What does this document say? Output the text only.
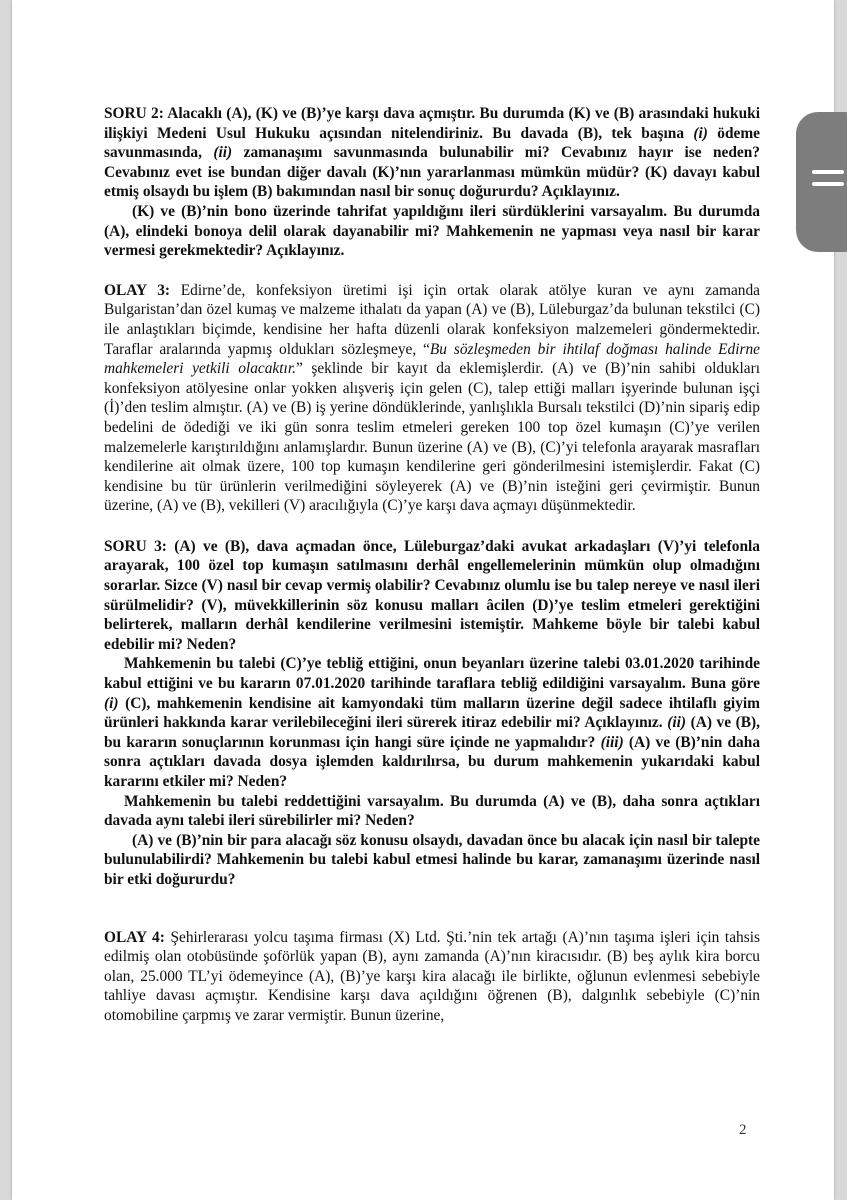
SORU 2: Alacaklı (A), (K) ve (B)’ye karşı dava açmıştır. Bu durumda (K) ve (B) arasındaki hukuki ilişkiyi Medeni Usul Hukuku açısından nitelendiriniz. Bu davada (B), tek başına (i) ödeme savunmasında, (ii) zamanaşımı savunmasında bulunabilir mi? Cevabınız hayır ise neden? Cevabınız evet ise bundan diğer davalı (K)’nın yararlanması mümkün müdür? (K) davayı kabul etmiş olsaydı bu işlem (B) bakımından nasıl bir sonuç doğururdu? Açıklayınız.

(K) ve (B)’nin bono üzerinde tahrifat yapıldığını ileri sürdüklerini varsayalım. Bu durumda (A), elindeki bonoya delil olarak dayanabilir mi? Mahkemenin ne yapması veya nasıl bir karar vermesi gerekmektedir? Açıklayınız.

OLAY 3: Edirne’de, konfeksiyon üretimi işi için ortak olarak atölye kuran ve aynı zamanda Bulgaristan’dan özel kumaş ve malzeme ithalatı da yapan (A) ve (B), Lüleburgaz’da bulunan tekstilci (C) ile anlaştıkları biçimde, kendisine her hafta düzenli olarak konfeksiyon malzemeleri göndermektedir. Taraflar aralarında yapmış oldukları sözleşmeye, “Bu sözleşmeden bir ihtilaf doğması halinde Edirne mahkemeleri yetkili olacaktır.” şeklinde bir kayıt da eklemişlerdir. (A) ve (B)’nin sahibi oldukları konfeksiyon atölyesine onlar yokken alışveriş için gelen (C), talep ettiği malları işyerinde bulunan işçi (İ)’den teslim almıştır. (A) ve (B) iş yerine döndüklerinde, yanlışlıkla Bursalı tekstilci (D)’nin sipariş edip bedelini de ödediği ve iki gün sonra teslim etmeleri gereken 100 top özel kumaşın (C)’ye verilen malzemelerle karıştırıldığını anlamışlardır. Bunun üzerine (A) ve (B), (C)’yi telefonla arayarak masrafları kendilerine ait olmak üzere, 100 top kumaşın kendilerine geri gönderilmesini istemişlerdir. Fakat (C) kendisine bu tür ürünlerin verilmediğini söyleyerek (A) ve (B)’nin isteğini geri çevirmiştir. Bunun üzerine, (A) ve (B), vekilleri (V) aracılığıyla (C)’ye karşı dava açmayı düşünmektedir.

SORU 3: (A) ve (B), dava açmadan önce, Lüleburgaz’daki avukat arkadaşları (V)’yi telefonla arayarak, 100 özel top kumaşın satılmasını derhâl engellemelerinin mümkün olup olmadığını sorarlar. Sizce (V) nasıl bir cevap vermiş olabilir? Cevabınız olumlu ise bu talep nereye ve nasıl ileri sürülmelidir? (V), müvekkillerinin söz konusu malları âcilen (D)’ye teslim etmeleri gerektiğini belirterek, malların derhâl kendilerine verilmesini istemiştir. Mahkeme böyle bir talebi kabul edebilir mi? Neden?

Mahkemenin bu talebi (C)’ye tebliğ ettiğini, onun beyanları üzerine talebi 03.01.2020 tarihinde kabul ettiğini ve bu kararın 07.01.2020 tarihinde taraflara tebliğ edildiğini varsayalım. Buna göre (i) (C), mahkemenin kendisine ait kamyondaki tüm malların üzerine değil sadece ihtilaflı giyim ürünleri hakkında karar verilebileceğini ileri sürerek itiraz edebilir mi? Açıklayınız. (ii) (A) ve (B), bu kararın sonuçlarının korunması için hangi süre içinde ne yapmalıdır? (iii) (A) ve (B)’nin daha sonra açtıkları davada dosya işlemden kaldırılırsa, bu durum mahkemenin yukarıdaki kabul kararını etkiler mi? Neden?

Mahkemenin bu talebi reddettiğini varsayalım. Bu durumda (A) ve (B), daha sonra açtıkları davada aynı talebi ileri sürebilirler mi? Neden?

(A) ve (B)’nin bir para alacağı söz konusu olsaydı, davadan önce bu alacak için nasıl bir talepte bulunulabilirdi? Mahkemenin bu talebi kabul etmesi halinde bu karar, zamanaşımı üzerinde nasıl bir etki doğururdu?

OLAY 4: Şehirlerarası yolcu taşıma firması (X) Ltd. Şti.’nin tek artağı (A)’nın taşıma işleri için tahsis edilmiş olan otobüsünde şoförlük yapan (B), aynı zamanda (A)’nın kiracısıdır. (B) beş aylık kira borcu olan, 25.000 TL’yi ödemeyince (A), (B)’ye karşı kira alacağı ile birlikte, oğlunun evlenmesi sebebiyle tahliye davası açmıştır. Kendisine karşı dava açıldığını öğrenen (B), dalgınlık sebebiyle (C)’nin otomobiline çarpmış ve zarar vermiştir. Bunun üzerine,

2
